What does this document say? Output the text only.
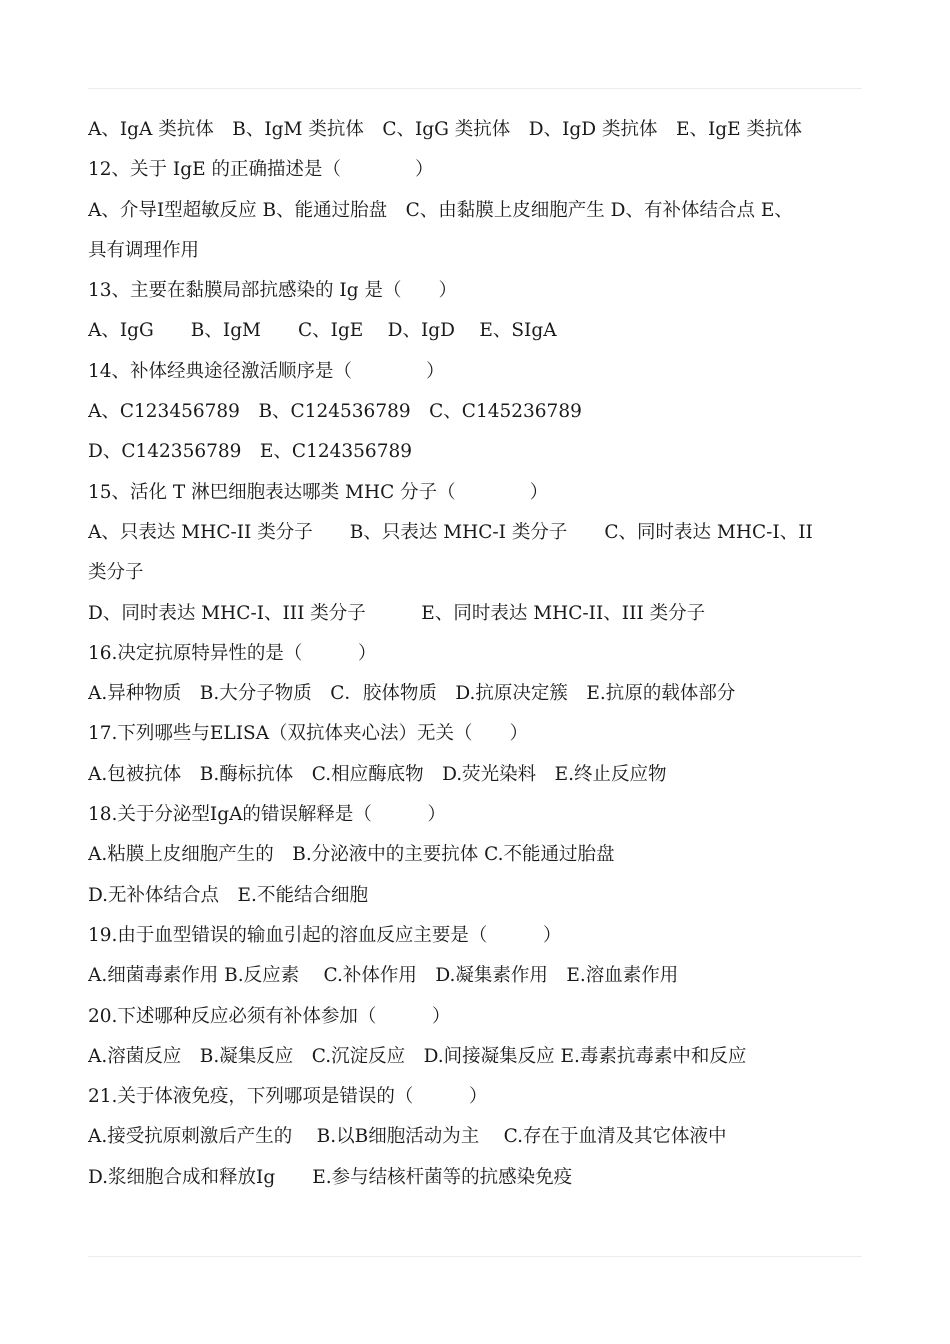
A、IgA 类抗体　B、IgM 类抗体　C、IgG 类抗体　D、IgD 类抗体　E、IgE 类抗体
12、关于 IgE 的正确描述是（　　　　）
A、介导I型超敏反应 B、能通过胎盘　C、由黏膜上皮细胞产生 D、有补体结合点 E、
具有调理作用
13、主要在黏膜局部抗感染的 Ig 是（　　）
A、IgG　　B、IgM　　C、IgE　 D、IgD　 E、SIgA
14、补体经典途径激活顺序是（　　　　）
A、C123456789　B、C124536789　C、C145236789
D、C142356789　E、C124356789
15、活化 T 淋巴细胞表达哪类 MHC 分子（　　　　）
A、只表达 MHC-II 类分子　　B、只表达 MHC-I 类分子　　C、同时表达 MHC-I、II
类分子
D、同时表达 MHC-I、III 类分子　　　E、同时表达 MHC-II、III 类分子
16.决定抗原特异性的是（　　　）
A.异种物质　B.大分子物质　C．胶体物质　D.抗原决定簇　E.抗原的载体部分
17.下列哪些与ELISA（双抗体夹心法）无关（　　）
A.包被抗体　B.酶标抗体　C.相应酶底物　D.荧光染料　E.终止反应物
18.关于分泌型IgA的错误解释是（　　　）
A.粘膜上皮细胞产生的　B.分泌液中的主要抗体 C.不能通过胎盘
D.无补体结合点　E.不能结合细胞
19.由于血型错误的输血引起的溶血反应主要是（　　　）
A.细菌毒素作用 B.反应素　 C.补体作用　D.凝集素作用　E.溶血素作用
20.下述哪种反应必须有补体参加（　　　）
A.溶菌反应　B.凝集反应　C.沉淀反应　D.间接凝集反应 E.毒素抗毒素中和反应
21.关于体液免疫，下列哪项是错误的（　　　）
A.接受抗原刺激后产生的　 B.以B细胞活动为主　 C.存在于血清及其它体液中
D.浆细胞合成和释放Ig　　E.参与结核杆菌等的抗感染免疫
